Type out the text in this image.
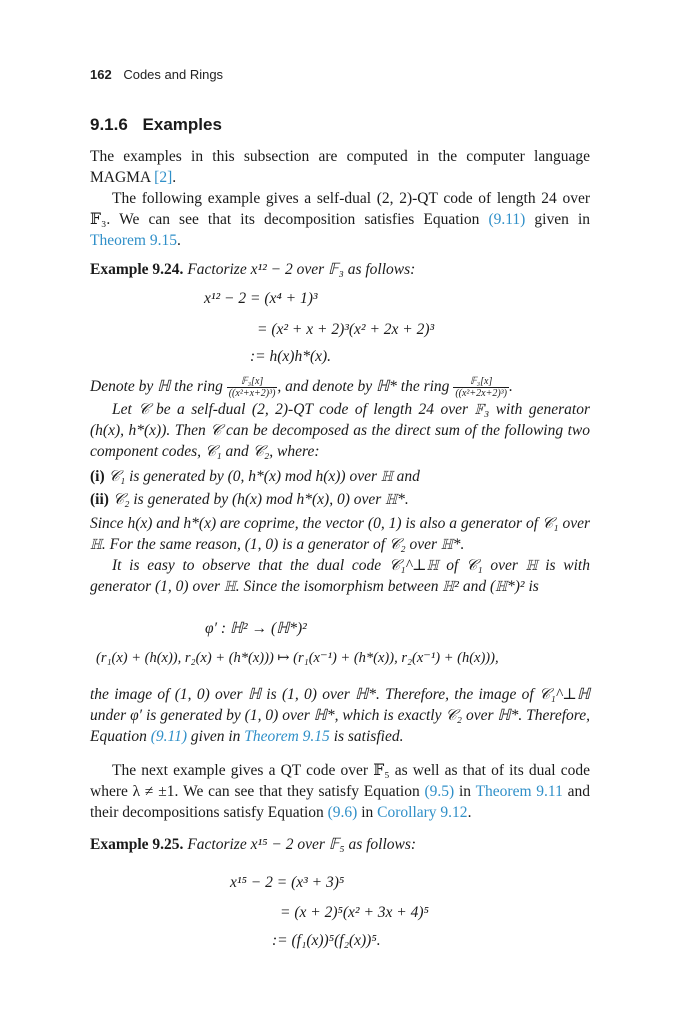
162 Codes and Rings
9.1.6 Examples

The examples in this subsection are computed in the computer language MAGMA [2].

The following example gives a self-dual (2, 2)-QT code of length 24 over 𝔽₃. We can see that its decomposition satisfies Equation (9.11) given in Theorem 9.15.

Example 9.24. Factorize x¹² − 2 over 𝔽₃ as follows:

x¹² − 2 = (x⁴ + 1)³
= (x² + x + 2)³(x² + 2x + 2)³
:= h(x)h*(x).

Denote by ℍ the ring $\frac{\text{𝔽₃[x]}}{\text{((x²+x+2)³)}}$ , and denote by ℍ* the ring $\frac{\text{𝔽₃[x]}}{\text{((x²+2x+2)³)}}$ .

Let 𝒞 be a self-dual (2, 2)-QT code of length 24 over 𝔽₃ with generator (h(x), h*(x)). Then 𝒞 can be decomposed as the direct sum of the following two component codes, 𝒞₁ and 𝒞₂, where:

(i) 𝒞₁ is generated by (0, h*(x) mod h(x)) over ℍ and

(ii) 𝒞₂ is generated by (h(x) mod h*(x), 0) over ℍ*.

Since h(x) and h*(x) are coprime, the vector (0, 1) is also a generator of 𝒞₁ over ℍ. For the same reason, (1, 0) is a generator of 𝒞₂ over ℍ*.

It is easy to observe that the dual code 𝒞₁^⊥ℍ of 𝒞₁ over ℍ is with generator (1, 0) over ℍ. Since the isomorphism between ℍ² and (ℍ*)² is

φ′ : ℍ² → (ℍ*)²
(r₁(x) + (h(x)), r₂(x) + (h*(x))) ↦ (r₁(x⁻¹) + (h*(x)), r₂(x⁻¹) + (h(x))),

the image of (1, 0) over ℍ is (1, 0) over ℍ*. Therefore, the image of 𝒞₁^⊥ℍ under φ′ is generated by (1, 0) over ℍ*, which is exactly 𝒞₂ over ℍ*. Therefore, Equation (9.11) given in Theorem 9.15 is satisfied.

The next example gives a QT code over 𝔽₅ as well as that of its dual code where λ ≠ ±1. We can see that they satisfy Equation (9.5) in Theorem 9.11 and their decompositions satisfy Equation (9.6) in Corollary 9.12.

Example 9.25. Factorize x¹⁵ − 2 over 𝔽₅ as follows:

x¹⁵ − 2 = (x³ + 3)⁵
= (x + 2)⁵(x² + 3x + 4)⁵
:= (f₁(x))⁵(f₂(x))⁵.
